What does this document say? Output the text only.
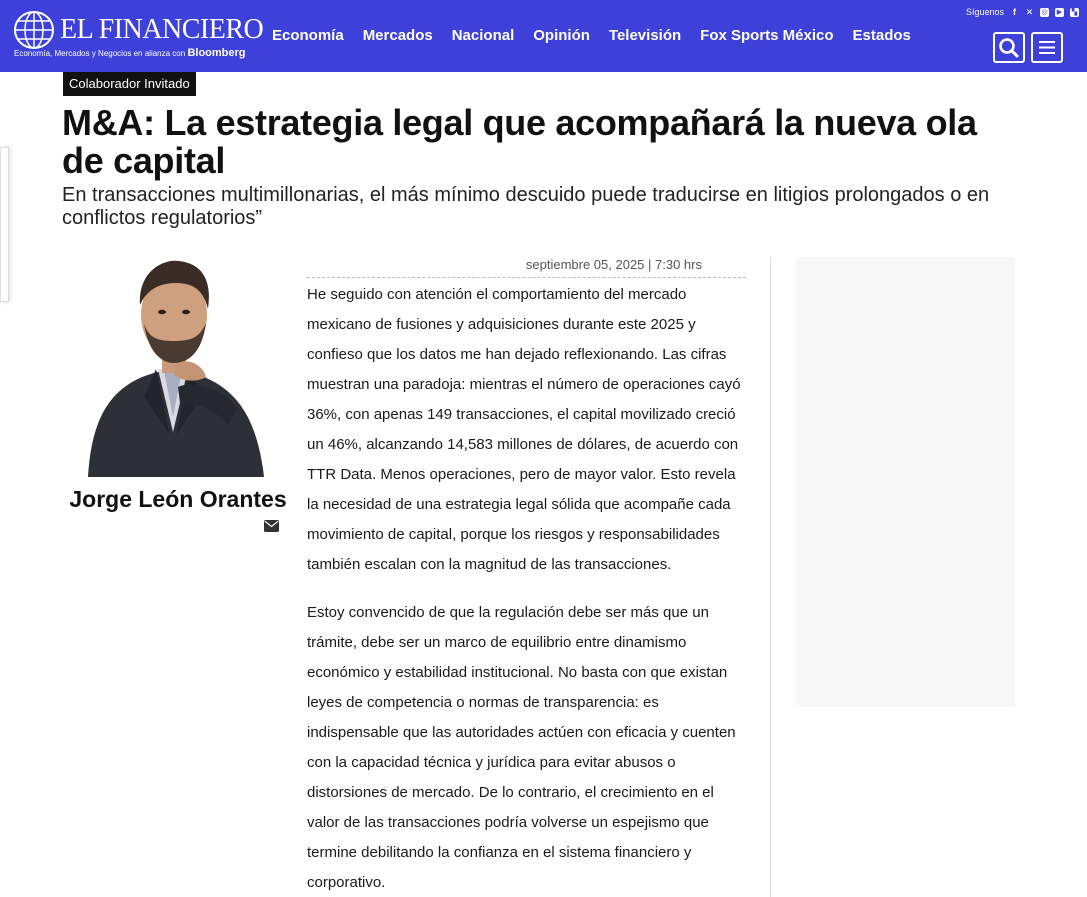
EL FINANCIERO
Economía, Mercados y Negocios en alianza con Bloomberg
Economía Mercados Nacional Opinión Televisión Fox Sports México Estados
Síguenos	f	✕ ◎ ▶ ▚
Colaborador Invitado
M&A: La estrategia legal que acompañará la nueva ola de capital
En transacciones multimillonarias, el más mínimo descuido puede traducirse en litigios prolongados o en conflictos regulatorios”
Jorge León Orantes
septiembre 05, 2025 | 7:30 hrs

He seguido con atención el comportamiento del mercado mexicano de fusiones y adquisiciones durante este 2025 y confieso que los datos me han dejado reflexionando. Las cifras muestran una paradoja: mientras el número de operaciones cayó 36%, con apenas 149 transacciones, el capital movilizado creció un 46%, alcanzando 14,583 millones de dólares, de acuerdo con TTR Data. Menos operaciones, pero de mayor valor. Esto revela la necesidad de una estrategia legal sólida que acompañe cada movimiento de capital, porque los riesgos y responsabilidades también escalan con la magnitud de las transacciones.

Estoy convencido de que la regulación debe ser más que un trámite, debe ser un marco de equilibrio entre dinamismo económico y estabilidad institucional. No basta con que existan leyes de competencia o normas de transparencia: es indispensable que las autoridades actúen con eficacia y cuenten con la capacidad técnica y jurídica para evitar abusos o distorsiones de mercado. De lo contrario, el crecimiento en el valor de las transacciones podría volverse un espejismo que termine debilitando la confianza en el sistema financiero y corporativo.
